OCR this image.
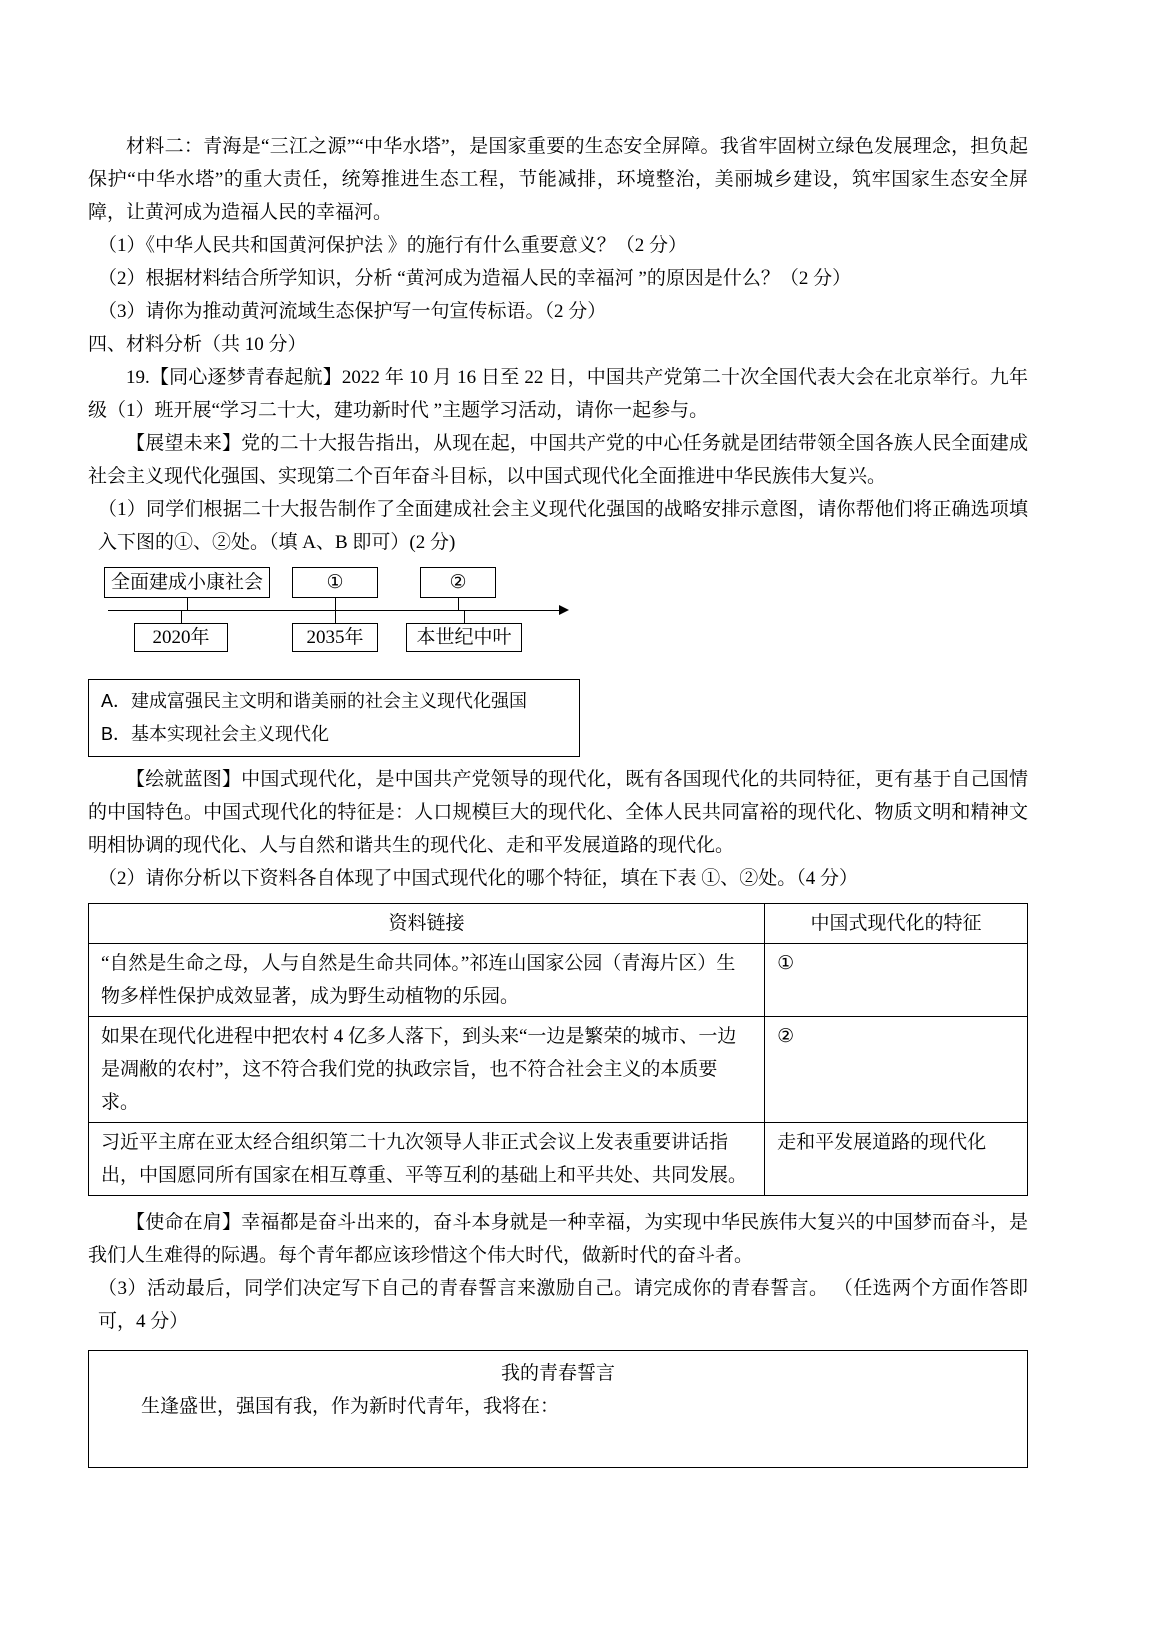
材料二：青海是“三江之源”“中华水塔”，是国家重要的生态安全屏障。我省牢固树立绿色发展理念，担负起保护“中华水塔”的重大责任，统筹推进生态工程，节能减排，环境整治，美丽城乡建设，筑牢国家生态安全屏障，让黄河成为造福人民的幸福河。

（1）《中华人民共和国黄河保护法 》的施行有什么重要意义？（2 分）

（2）根据材料结合所学知识，分析 “黄河成为造福人民的幸福河 ”的原因是什么？（2 分）

（3）请你为推动黄河流域生态保护写一句宣传标语。（2 分）

四、材料分析（共 10 分）

19.【同心逐梦青春起航】2022 年 10 月 16 日至 22 日，中国共产党第二十次全国代表大会在北京举行。九年级（1）班开展“学习二十大，建功新时代 ”主题学习活动，请你一起参与。

【展望未来】党的二十大报告指出，从现在起，中国共产党的中心任务就是团结带领全国各族人民全面建成社会主义现代化强国、实现第二个百年奋斗目标，以中国式现代化全面推进中华民族伟大复兴。

（1）同学们根据二十大报告制作了全面建成社会主义现代化强国的战略安排示意图，请你帮他们将正确选项填入下图的①、②处。（填 A、B 即可）(2 分)

全面建成小康社会	①	②
2020年	2035年	本世纪中叶

A．建成富强民主文明和谐美丽的社会主义现代化强国

B．基本实现社会主义现代化

【绘就蓝图】中国式现代化，是中国共产党领导的现代化，既有各国现代化的共同特征，更有基于自己国情的中国特色。中国式现代化的特征是：人口规模巨大的现代化、全体人民共同富裕的现代化、物质文明和精神文明相协调的现代化、人与自然和谐共生的现代化、走和平发展道路的现代化。

（2）请你分析以下资料各自体现了中国式现代化的哪个特征，填在下表 ①、②处。（4 分）

资料链接	中国式现代化的特征
“自然是生命之母，人与自然是生命共同体。”祁连山国家公园（青海片区）生物多样性保护成效显著，成为野生动植物的乐园。	①
如果在现代化进程中把农村 4 亿多人落下，到头来“一边是繁荣的城市、一边是凋敝的农村”，这不符合我们党的执政宗旨，也不符合社会主义的本质要求。	②
习近平主席在亚太经合组织第二十九次领导人非正式会议上发表重要讲话指出，中国愿同所有国家在相互尊重、平等互利的基础上和平共处、共同发展。	走和平发展道路的现代化

【使命在肩】幸福都是奋斗出来的，奋斗本身就是一种幸福，为实现中华民族伟大复兴的中国梦而奋斗，是我们人生难得的际遇。每个青年都应该珍惜这个伟大时代，做新时代的奋斗者。

（3）活动最后，同学们决定写下自己的青春誓言来激励自己。请完成你的青春誓言。 （任选两个方面作答即可，4 分）

我的青春誓言

生逢盛世，强国有我，作为新时代青年，我将在：
